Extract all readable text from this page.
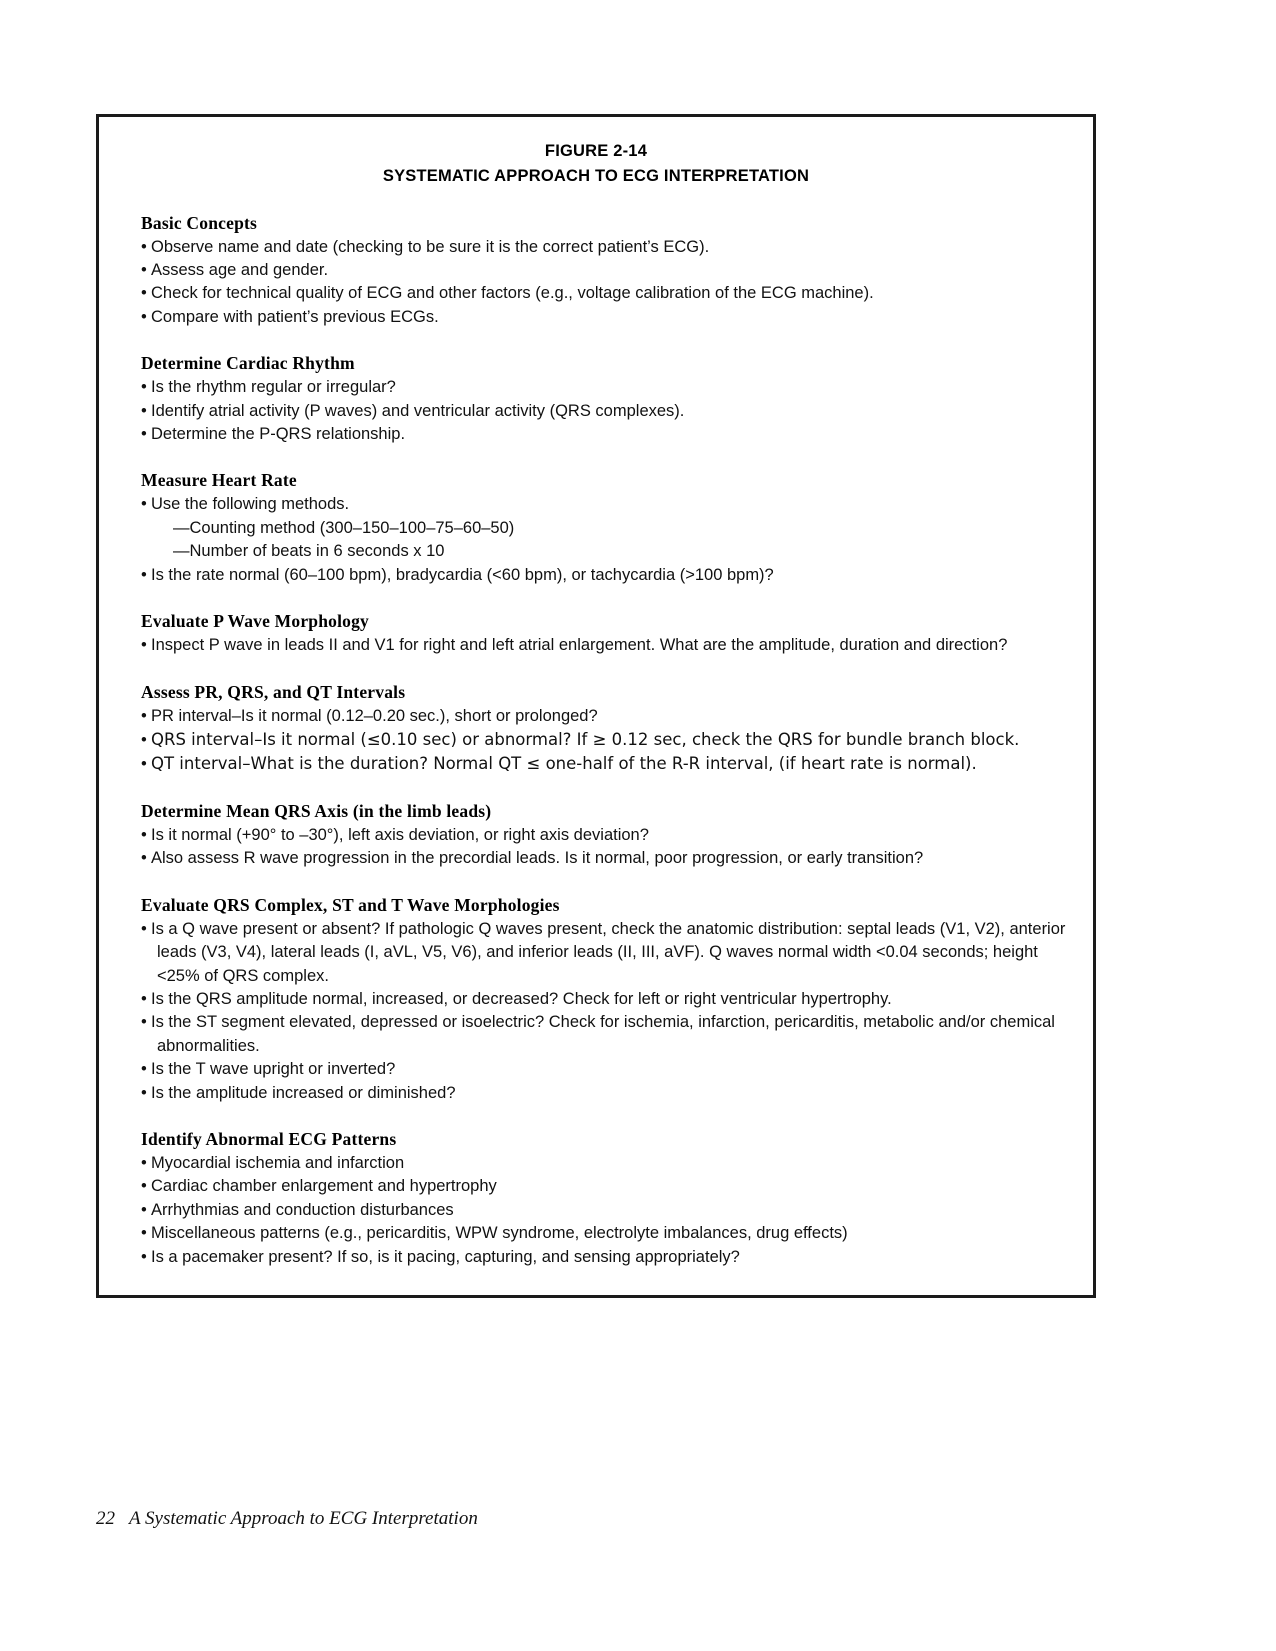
FIGURE 2-14
SYSTEMATIC APPROACH TO ECG INTERPRETATION
Basic Concepts

• Observe name and date (checking to be sure it is the correct patient’s ECG).

• Assess age and gender.

• Check for technical quality of ECG and other factors (e.g., voltage calibration of the ECG machine).

• Compare with patient’s previous ECGs.

Determine Cardiac Rhythm

• Is the rhythm regular or irregular?

• Identify atrial activity (P waves) and ventricular activity (QRS complexes).

• Determine the P-QRS relationship.

Measure Heart Rate

• Use the following methods.

—Counting method (300–150–100–75–60–50)

—Number of beats in 6 seconds x 10

• Is the rate normal (60–100 bpm), bradycardia (<60 bpm), or tachycardia (>100 bpm)?

Evaluate P Wave Morphology

• Inspect P wave in leads II and V1 for right and left atrial enlargement. What are the amplitude, duration and direction?

Assess PR, QRS, and QT Intervals

• PR interval–Is it normal (0.12–0.20 sec.), short or prolonged?

• QRS interval–Is it normal (≤0.10 sec) or abnormal? If ≥ 0.12 sec, check the QRS for bundle branch block.

• QT interval–What is the duration? Normal QT ≤ one-half of the R-R interval, (if heart rate is normal).

Determine Mean QRS Axis (in the limb leads)

• Is it normal (+90° to –30°), left axis deviation, or right axis deviation?

• Also assess R wave progression in the precordial leads. Is it normal, poor progression, or early transition?

Evaluate QRS Complex, ST and T Wave Morphologies

• Is a Q wave present or absent? If pathologic Q waves present, check the anatomic distribution: septal leads (V1, V2), anterior leads (V3, V4), lateral leads (I, aVL, V5, V6), and inferior leads (II, III, aVF). Q waves normal width <0.04 seconds; height <25% of QRS complex.

• Is the QRS amplitude normal, increased, or decreased? Check for left or right ventricular hypertrophy.

• Is the ST segment elevated, depressed or isoelectric? Check for ischemia, infarction, pericarditis, metabolic and/or chemical abnormalities.

• Is the T wave upright or inverted?

• Is the amplitude increased or diminished?

Identify Abnormal ECG Patterns

• Myocardial ischemia and infarction

• Cardiac chamber enlargement and hypertrophy

• Arrhythmias and conduction disturbances

• Miscellaneous patterns (e.g., pericarditis, WPW syndrome, electrolyte imbalances, drug effects)

• Is a pacemaker present? If so, is it pacing, capturing, and sensing appropriately?

22 A Systematic Approach to ECG Interpretation
